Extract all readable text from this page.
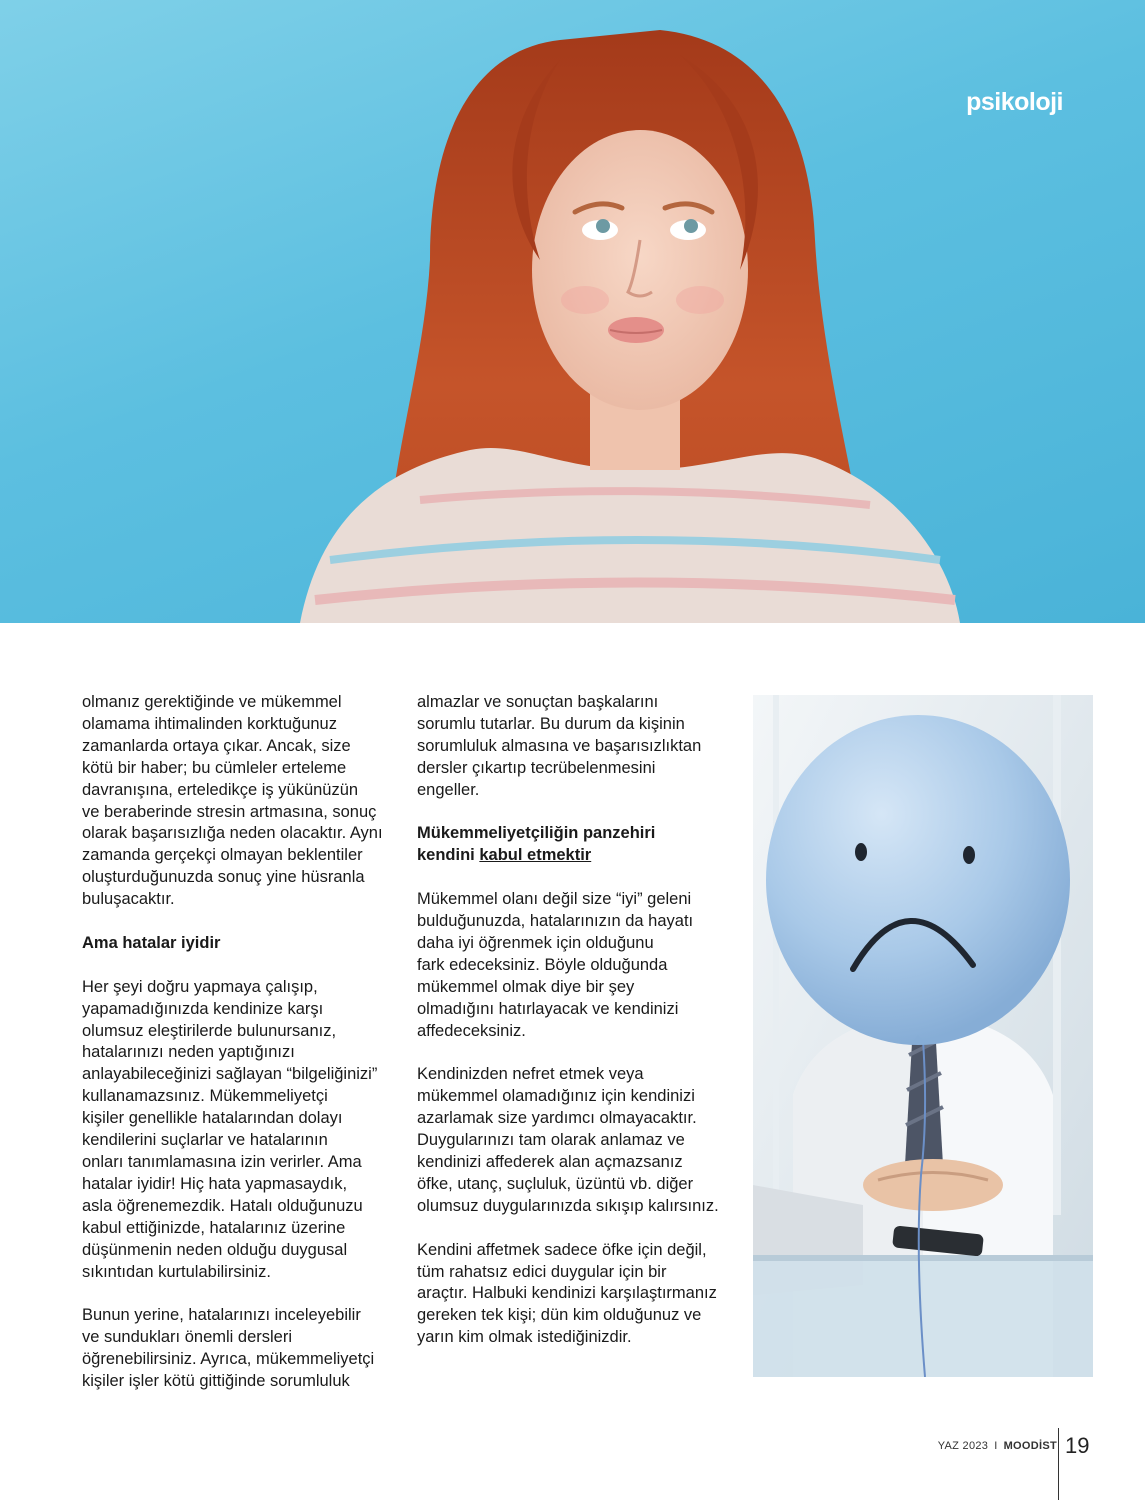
psikoloji

olmanız gerektiğinde ve mükemmel
olamama ihtimalinden korktuğunuz
zamanlarda ortaya çıkar. Ancak, size
kötü bir haber; bu cümleler erteleme
davranışına, erteledikçe iş yükünüzün
ve beraberinde stresin artmasına, sonuç
olarak başarısızlığa neden olacaktır. Aynı
zamanda gerçekçi olmayan beklentiler
oluşturduğunuzda sonuç yine hüsranla
buluşacaktır.

Ama hatalar iyidir

Her şeyi doğru yapmaya çalışıp,
yapamadığınızda kendinize karşı
olumsuz eleştirilerde bulunursanız,
hatalarınızı neden yaptığınızı
anlayabileceğinizi sağlayan “bilgeliğinizi”
kullanamazsınız. Mükemmeliyetçi
kişiler genellikle hatalarından dolayı
kendilerini suçlarlar ve hatalarının
onları tanımlamasına izin verirler. Ama
hatalar iyidir! Hiç hata yapmasaydık,
asla öğrenemezdik. Hatalı olduğunuzu
kabul ettiğinizde, hatalarınız üzerine
düşünmenin neden olduğu duygusal
sıkıntıdan kurtulabilirsiniz.

Bunun yerine, hatalarınızı inceleyebilir
ve sundukları önemli dersleri
öğrenebilirsiniz. Ayrıca, mükemmeliyetçi
kişiler işler kötü gittiğinde sorumluluk

almazlar ve sonuçtan başkalarını
sorumlu tutarlar. Bu durum da kişinin
sorumluluk almasına ve başarısızlıktan
dersler çıkartıp tecrübelenmesini
engeller.

Mükemmeliyetçiliğin panzehiri
kendini kabul etmektir

Mükemmel olanı değil size “iyi” geleni
bulduğunuzda, hatalarınızın da hayatı
daha iyi öğrenmek için olduğunu
fark edeceksiniz. Böyle olduğunda
mükemmel olmak diye bir şey
olmadığını hatırlayacak ve kendinizi
affedeceksiniz.

Kendinizden nefret etmek veya
mükemmel olamadığınız için kendinizi
azarlamak size yardımcı olmayacaktır.
Duygularınızı tam olarak anlamaz ve
kendinizi affederek alan açmazsanız
öfke, utanç, suçluluk, üzüntü vb. diğer
olumsuz duygularınızda sıkışıp kalırsınız.

Kendini affetmek sadece öfke için değil,
tüm rahatsız edici duygular için bir
araçtır. Halbuki kendinizi karşılaştırmanız
gereken tek kişi; dün kim olduğunuz ve
yarın kim olmak istediğinizdir.

YAZ 2023 I MOODİST 19
